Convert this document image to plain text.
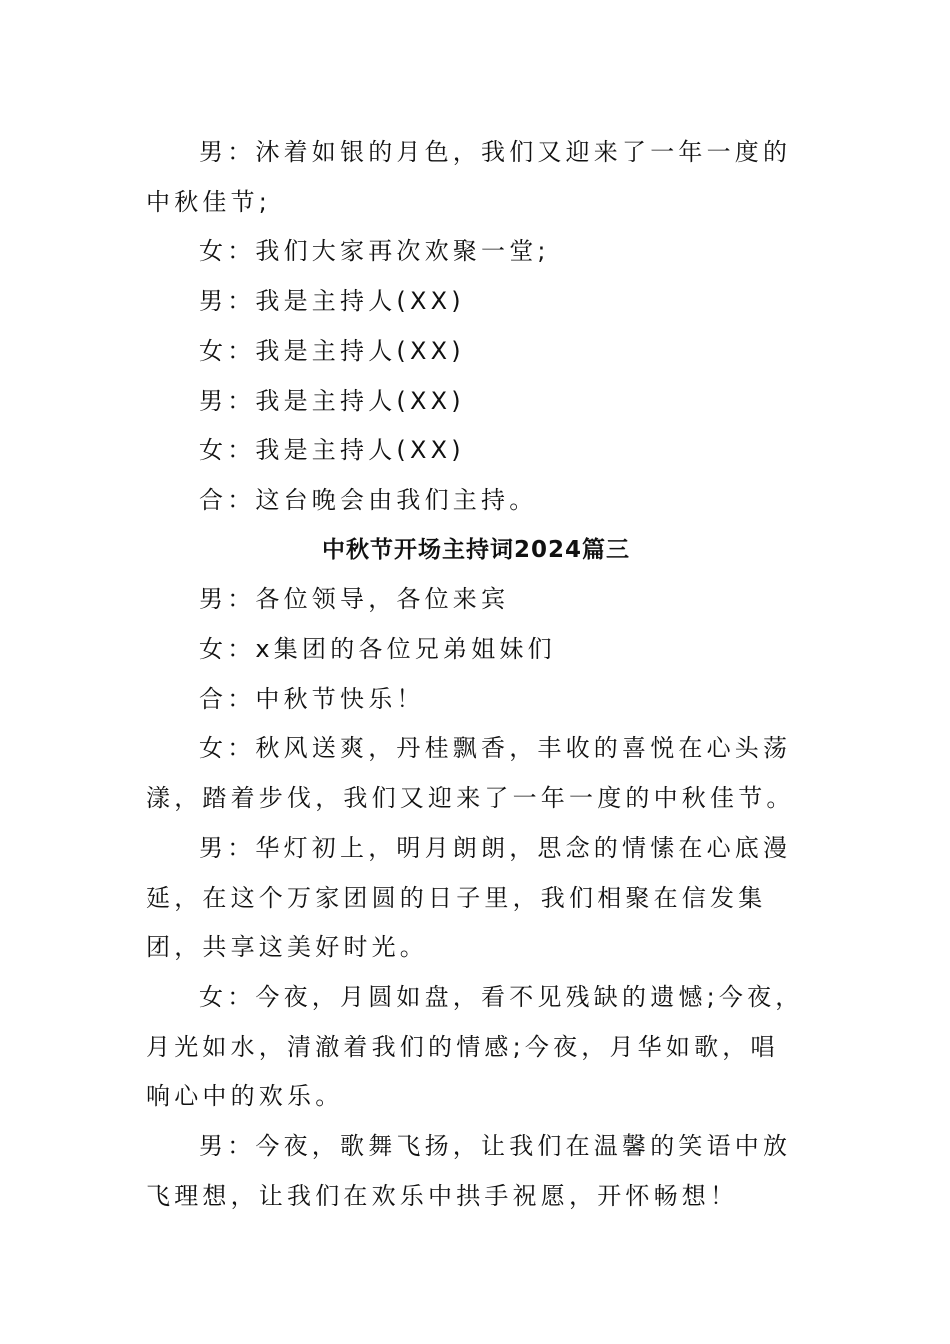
男：沐着如银的月色，我们又迎来了一年一度的中秋佳节;

女：我们大家再次欢聚一堂;

男：我是主持人(XX)

女：我是主持人(XX)

男：我是主持人(XX)

女：我是主持人(XX)

合：这台晚会由我们主持。

中秋节开场主持词2024篇三

男：各位领导，各位来宾

女：x集团的各位兄弟姐妹们

合：中秋节快乐！

女：秋风送爽，丹桂飘香，丰收的喜悦在心头荡漾，踏着步伐，我们又迎来了一年一度的中秋佳节。

男：华灯初上，明月朗朗，思念的情愫在心底漫延，在这个万家团圆的日子里，我们相聚在信发集团，共享这美好时光。

女：今夜，月圆如盘，看不见残缺的遗憾;今夜，月光如水，清澈着我们的情感;今夜，月华如歌，唱响心中的欢乐。

男：今夜，歌舞飞扬，让我们在温馨的笑语中放飞理想，让我们在欢乐中拱手祝愿，开怀畅想！
